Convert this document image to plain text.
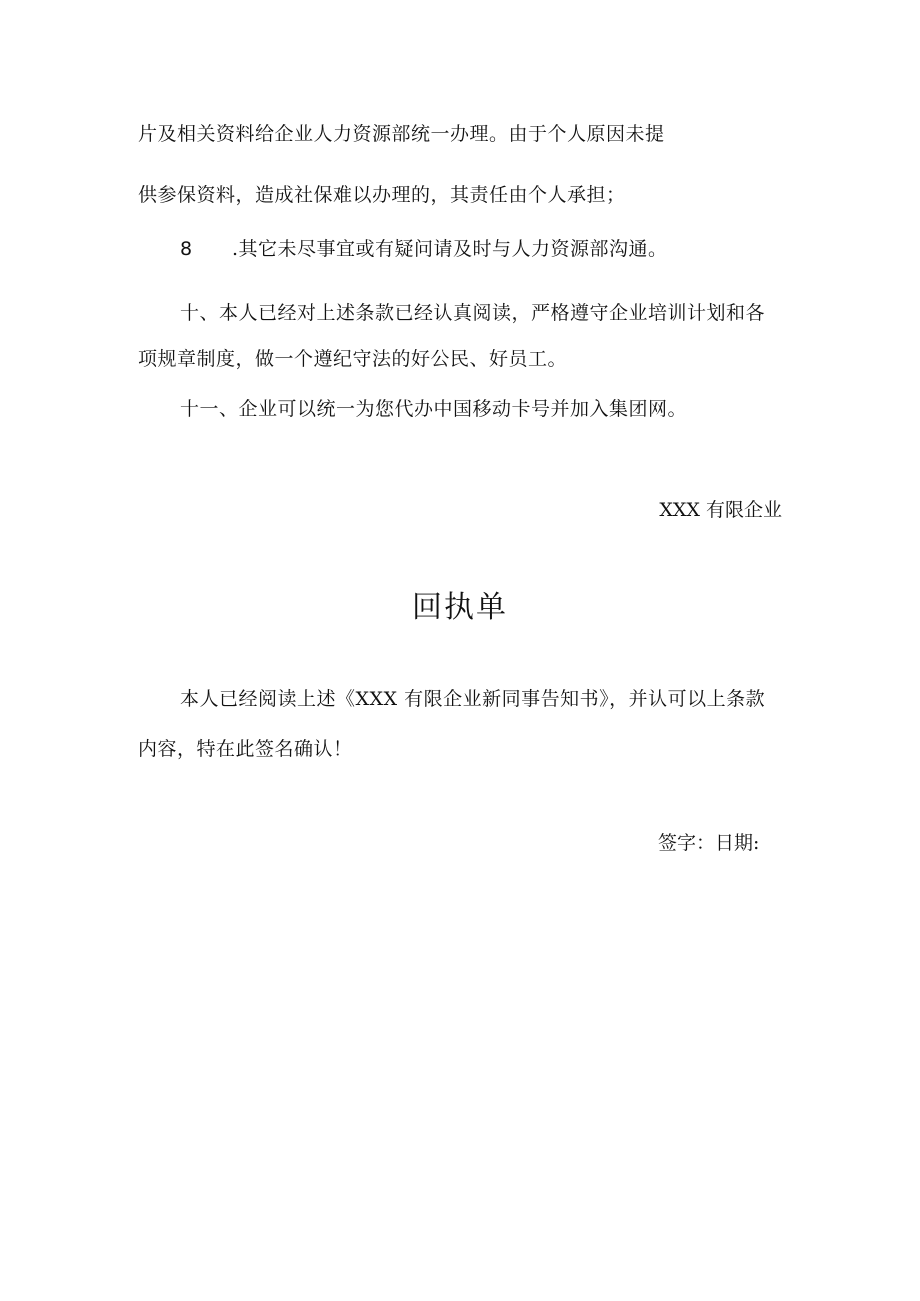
片及相关资料给企业人力资源部统一办理。由于个人原因未提
供参保资料，造成社保难以办理的，其责任由个人承担；
8 .其它未尽事宜或有疑问请及时与人力资源部沟通。
十、本人已经对上述条款已经认真阅读，严格遵守企业培训计划和各
项规章制度，做一个遵纪守法的好公民、好员工。
十一、企业可以统一为您代办中国移动卡号并加入集团网。
XXX 有限企业
回执单
本人已经阅读上述《XXX 有限企业新同事告知书》，并认可以上条款
内容，特在此签名确认！
签字：日期:
